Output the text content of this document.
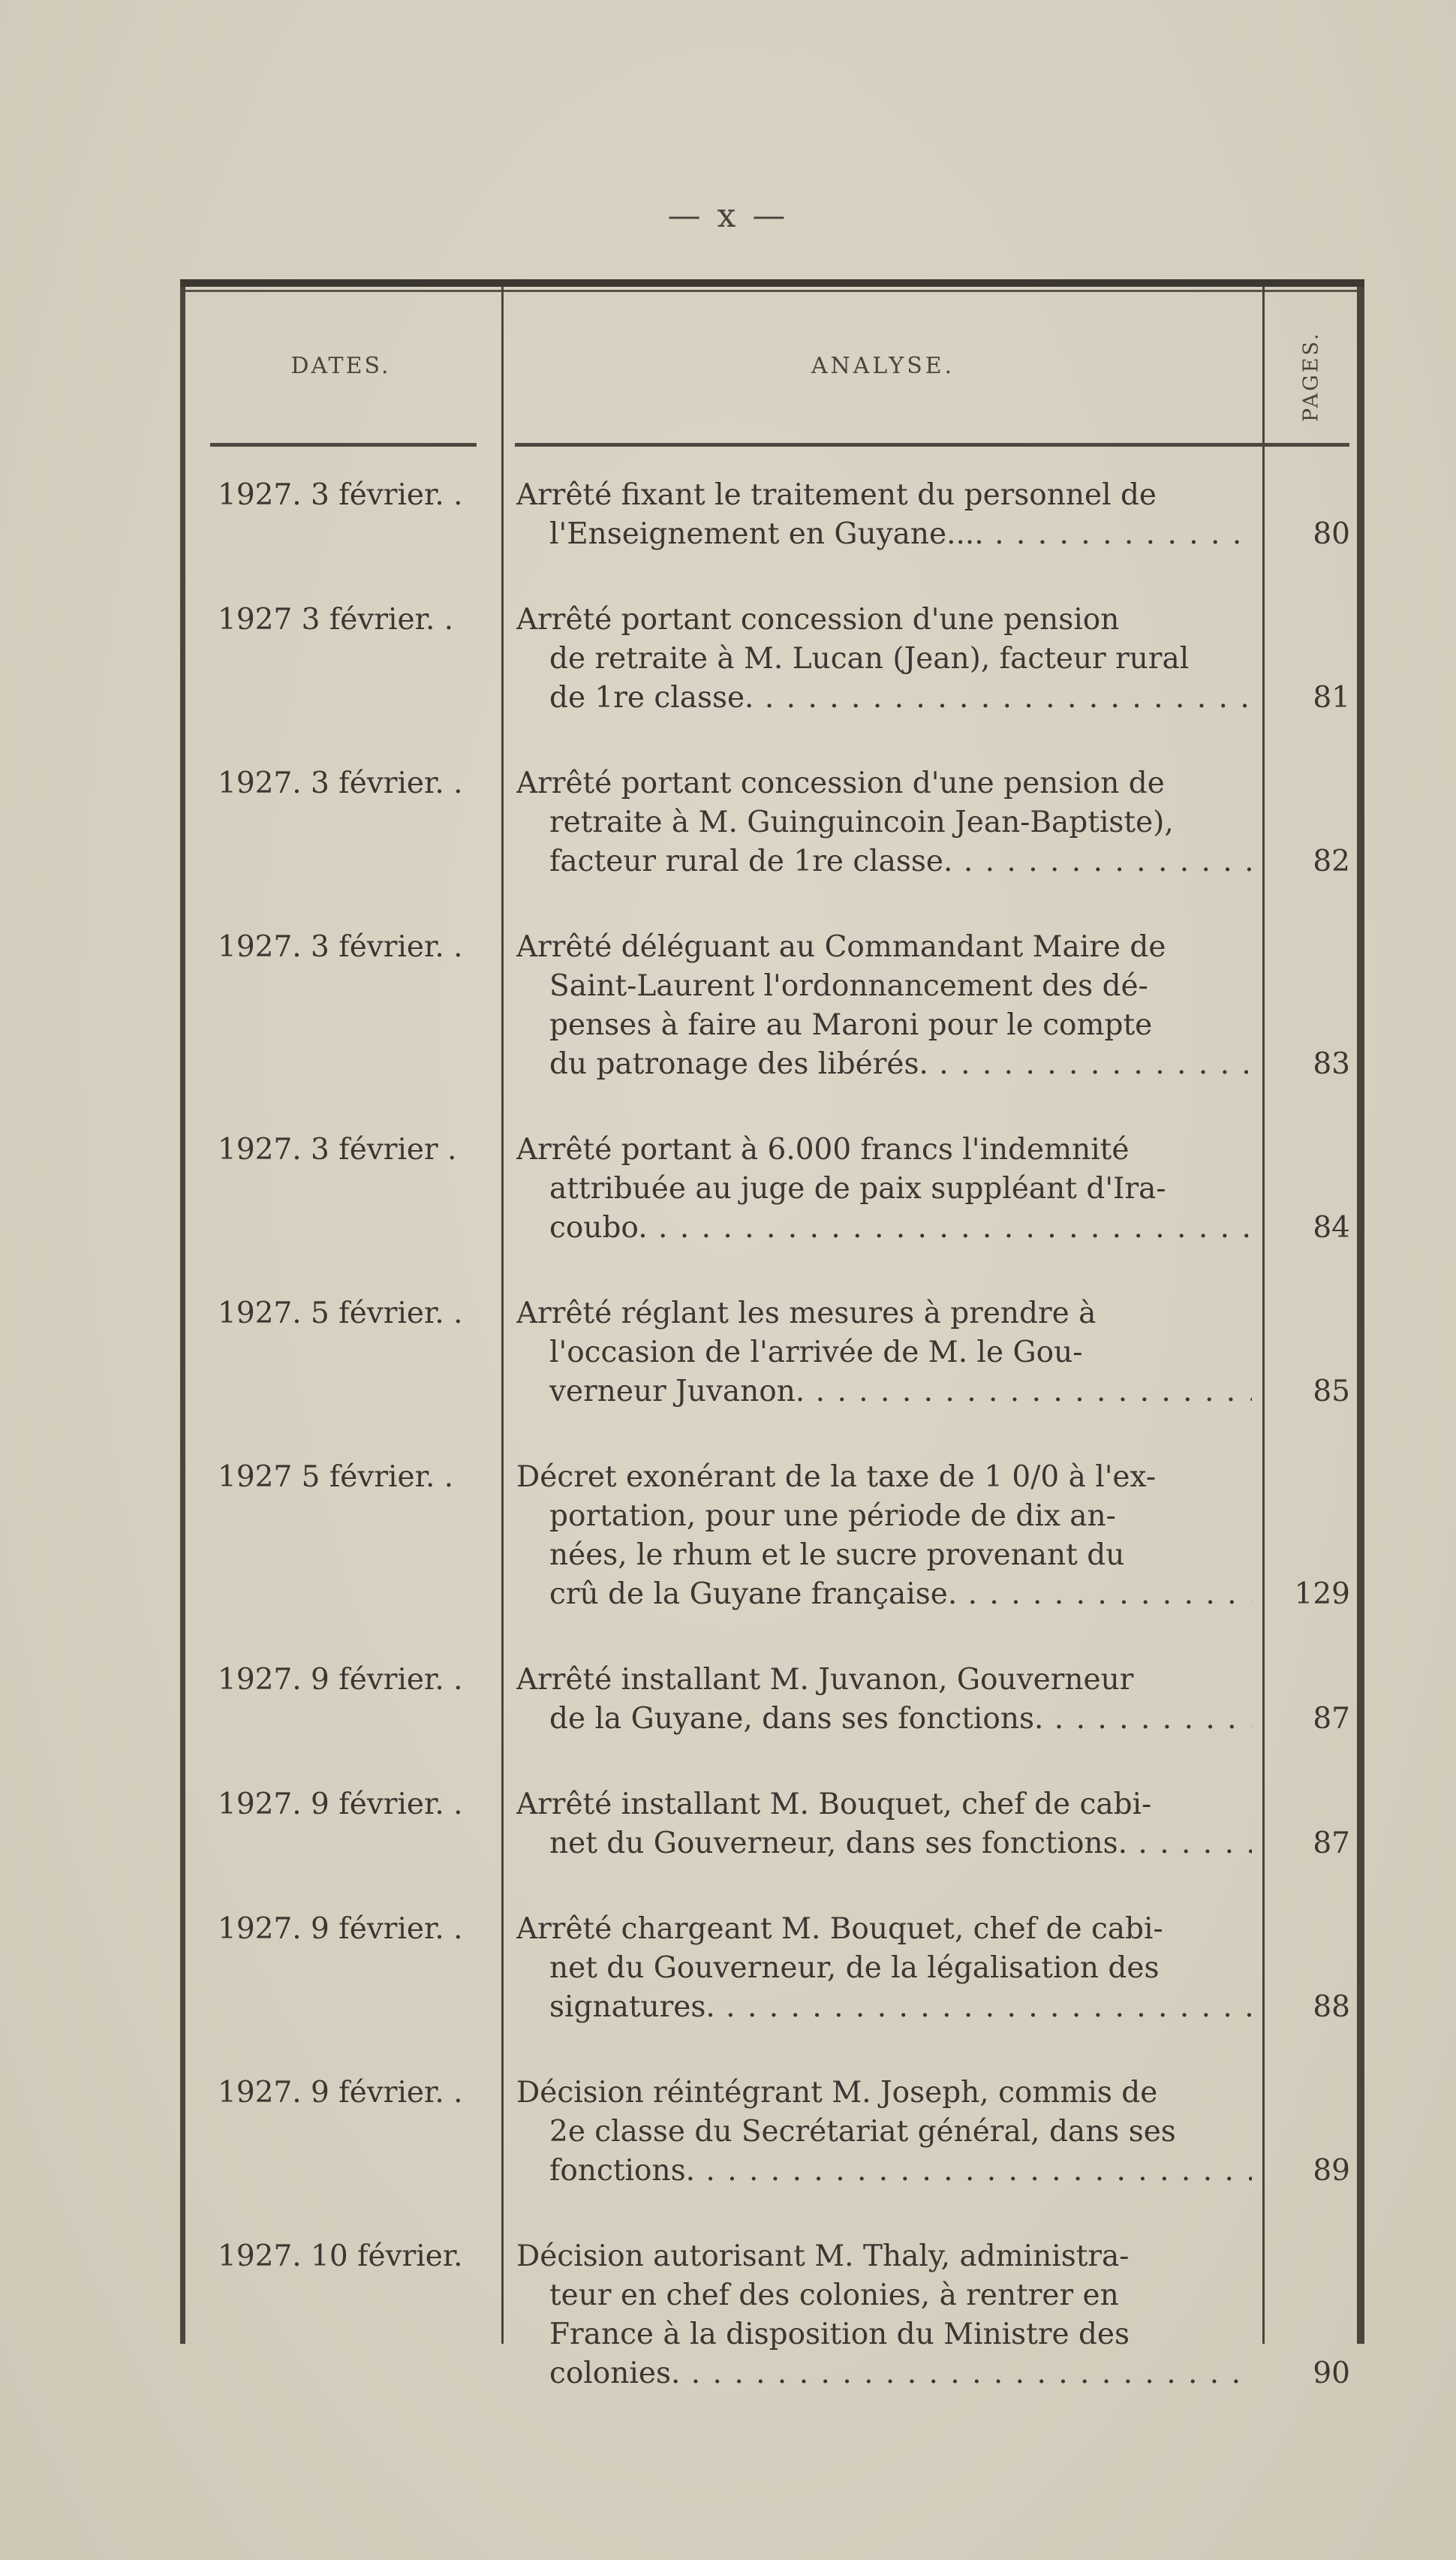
— x —
DATES.	ANALYSE.	PAGES.
1927. 3 février. .	Arrêté fixant le traitement du personnel de
l'Enseignement en Guyane.... . . .	80
1927 3 février. .	Arrêté portant concession d'une pension
de retraite à M. Lucan (Jean), facteur rural
de 1re classe. . . .	81
1927. 3 février. .	Arrêté portant concession d'une pension de
retraite à M. Guinguincoin Jean-Baptiste),
facteur rural de 1re classe. . . .	82
1927. 3 février. .	Arrêté déléguant au Commandant Maire de
Saint-Laurent l'ordonnancement des dé-
penses à faire au Maroni pour le compte
du patronage des libérés. . . .	83
1927. 3 février .	Arrêté portant à 6.000 francs l'indemnité
attribuée au juge de paix suppléant d'Ira-
coubo. . . .	84
1927. 5 février. .	Arrêté réglant les mesures à prendre à
l'occasion de l'arrivée de M. le Gou-
verneur Juvanon. . . .	85
1927 5 février. .	Décret exonérant de la taxe de 1 0/0 à l'ex-
portation, pour une période de dix an-
nées, le rhum et le sucre provenant du
crû de la Guyane française. . . .	129
1927. 9 février. .	Arrêté installant M. Juvanon, Gouverneur
de la Guyane, dans ses fonctions. . . .	87
1927. 9 février. .	Arrêté installant M. Bouquet, chef de cabi-
net du Gouverneur, dans ses fonctions. . . .	87
1927. 9 février. .	Arrêté chargeant M. Bouquet, chef de cabi-
net du Gouverneur, de la légalisation des
signatures. . . .	88
1927. 9 février. .	Décision réintégrant M. Joseph, commis de
2e classe du Secrétariat général, dans ses
fonctions. . . .	89
1927. 10 février.	Décision autorisant M. Thaly, administra-
teur en chef des colonies, à rentrer en
France à la disposition du Ministre des
colonies. . . .	90
